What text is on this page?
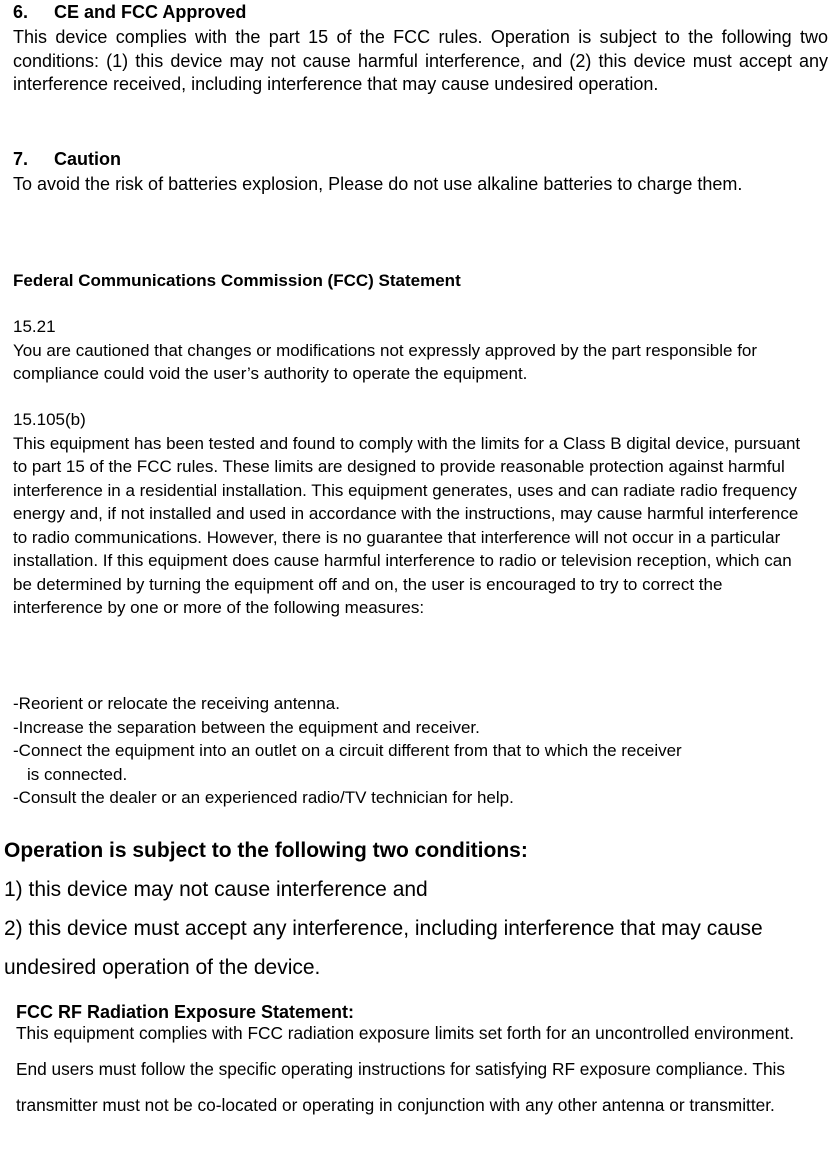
6. CE and FCC Approved
This device complies with the part 15 of the FCC rules. Operation is subject to the following two conditions: (1) this device may not cause harmful interference, and (2) this device must accept any interference received, including interference that may cause undesired operation.
7. Caution
To avoid the risk of batteries explosion, Please do not use alkaline batteries to charge them.
Federal Communications Commission (FCC) Statement

15.21

You are cautioned that changes or modifications not expressly approved by the part responsible for compliance could void the user’s authority to operate the equipment.

15.105(b)

This equipment has been tested and found to comply with the limits for a Class B digital device, pursuant to part 15 of the FCC rules. These limits are designed to provide reasonable protection against harmful interference in a residential installation. This equipment generates, uses and can radiate radio frequency energy and, if not installed and used in accordance with the instructions, may cause harmful interference to radio communications. However, there is no guarantee that interference will not occur in a particular installation. If this equipment does cause harmful interference to radio or television reception, which can be determined by turning the equipment off and on, the user is encouraged to try to correct the interference by one or more of the following measures:

-Reorient or relocate the receiving antenna.

-Increase the separation between the equipment and receiver.

-Connect the equipment into an outlet on a circuit different from that to which the receiver

is connected.

-Consult the dealer or an experienced radio/TV technician for help.

Operation is subject to the following two conditions:

1) this device may not cause interference and

2) this device must accept any interference, including interference that may cause undesired operation of the device.

FCC RF Radiation Exposure Statement:
This equipment complies with FCC radiation exposure limits set forth for an uncontrolled environment. End users must follow the specific operating instructions for satisfying RF exposure compliance. This transmitter must not be co-located or operating in conjunction with any other antenna or transmitter.
